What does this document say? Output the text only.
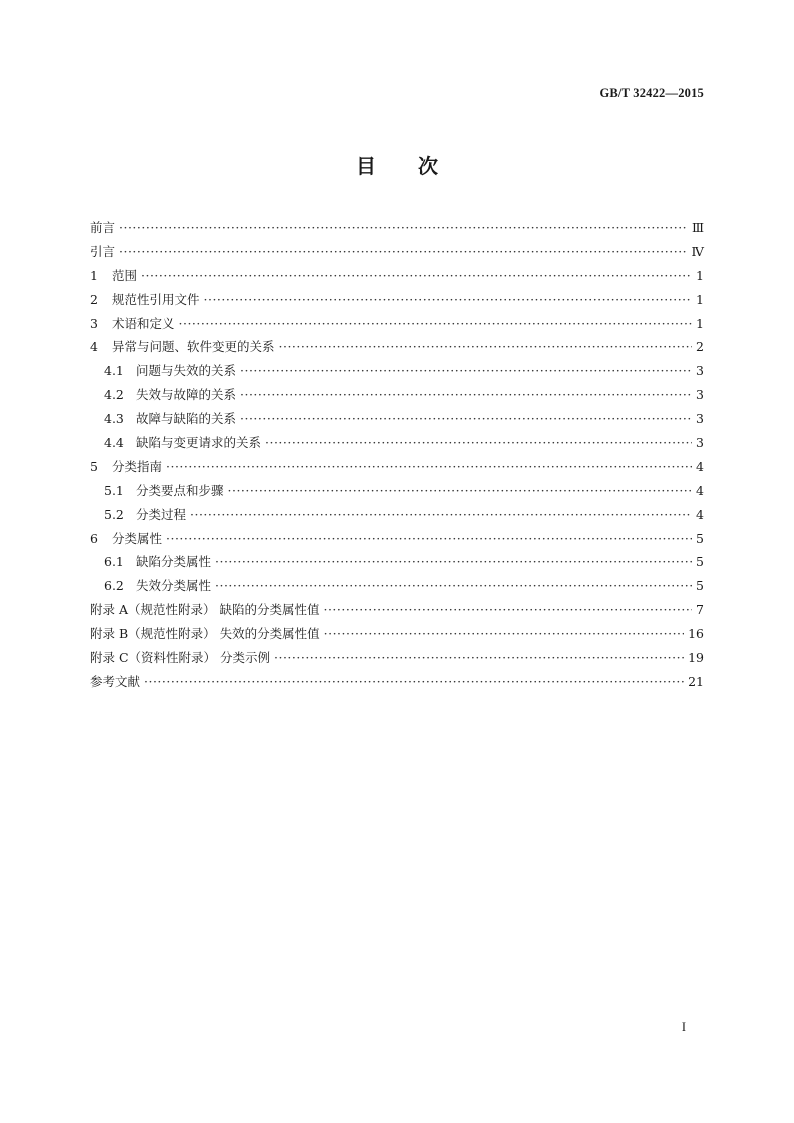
GB/T 32422—2015
目次
前言 ·····	Ⅲ
引言 ·····	Ⅳ
1	范围 ·····	1
2	规范性引用文件 ·····	1
3	术语和定义 ·····	1
4	异常与问题、软件变更的关系 ·····	2
4.1 问题与失效的关系 ·····	3
4.2 失效与故障的关系 ·····	3
4.3 故障与缺陷的关系 ·····	3
4.4 缺陷与变更请求的关系 ·····	3
5	分类指南 ·····	4
5.1 分类要点和步骤 ·····	4
5.2 分类过程 ·····	4
6	分类属性 ·····	5
6.1 缺陷分类属性 ·····	5
6.2 失效分类属性 ·····	5
附录 A（规范性附录） 缺陷的分类属性值 ·····	7
附录 B（规范性附录） 失效的分类属性值 ·····	16
附录 C（资料性附录） 分类示例 ·····	19
参考文献 ·····	21
I
